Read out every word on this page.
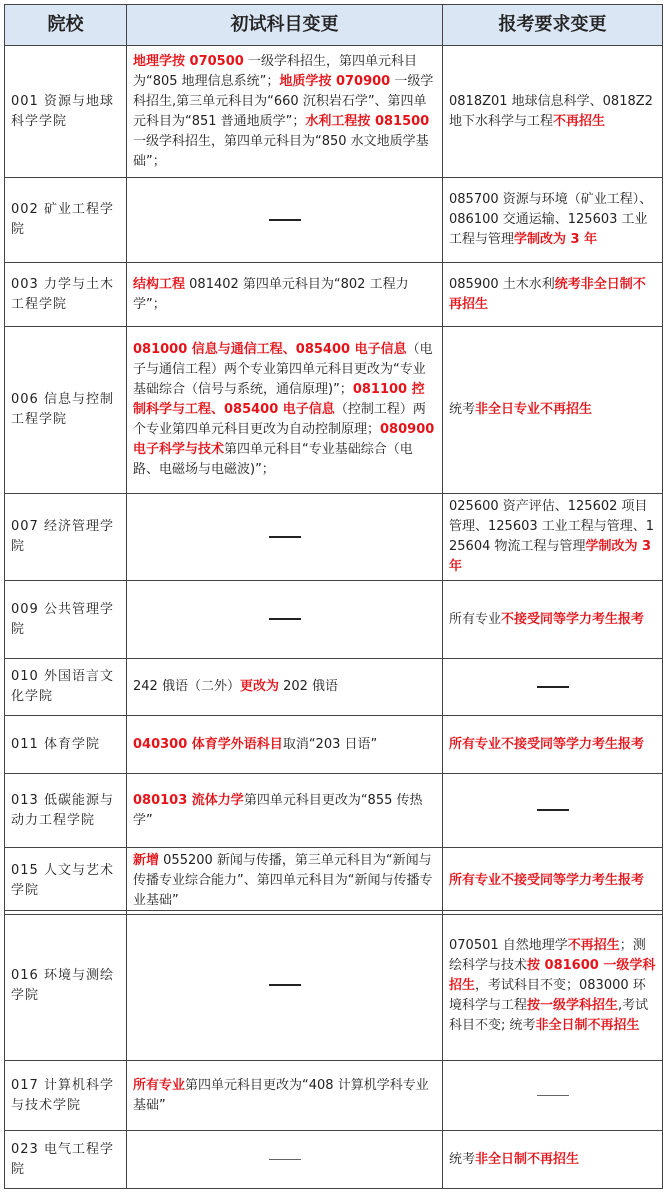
院校	初试科目变更	报考要求变更
001 资源与地球科学学院	地理学按 070500 一级学科招生，第四单元科目为“805 地理信息系统”；地质学按 070900 一级学科招生,第三单元科目为“660 沉积岩石学”、第四单元科目为“851 普通地质学”；水利工程按 081500 一级学科招生，第四单元科目为“850 水文地质学基础”；	0818Z01 地球信息科学、0818Z2 地下水科学与工程不再招生
002 矿业工程学院		085700 资源与环境（矿业工程）、086100 交通运输、125603 工业工程与管理学制改为 3 年
003 力学与土木工程学院	结构工程 081402 第四单元科目为“802 工程力学”；	085900 土木水利统考非全日制不再招生
006 信息与控制工程学院	081000 信息与通信工程、085400 电子信息（电子与通信工程）两个专业第四单元科目更改为“专业基础综合（信号与系统，通信原理)”；081100 控制科学与工程、085400 电子信息（控制工程）两个专业第四单元科目更改为自动控制原理；080900 电子科学与技术第四单元科目“专业基础综合（电路、电磁场与电磁波)”；	统考非全日专业不再招生
007 经济管理学院		025600 资产评估、125602 项目管理、125603 工业工程与管理、125604 物流工程与管理学制改为 3 年
009 公共管理学院		所有专业不接受同等学力考生报考
010 外国语言文化学院	242 俄语（二外）更改为 202 俄语	
011 体育学院	040300 体育学外语科目取消“203 日语”	所有专业不接受同等学力考生报考
013 低碳能源与动力工程学院	080103 流体力学第四单元科目更改为“855 传热学”	
015 人文与艺术学院	新增 055200 新闻与传播，第三单元科目为“新闻与传播专业综合能力”、第四单元科目为“新闻与传播专业基础”	所有专业不接受同等学力考生报考
016 环境与测绘学院		070501 自然地理学不再招生；测绘科学与技术按 081600 一级学科招生，考试科目不变；083000 环境科学与工程按一级学科招生,考试科目不变; 统考非全日制不再招生
017 计算机科学与技术学院	所有专业第四单元科目更改为“408 计算机学科专业基础”	
023 电气工程学院		统考非全日制不再招生
